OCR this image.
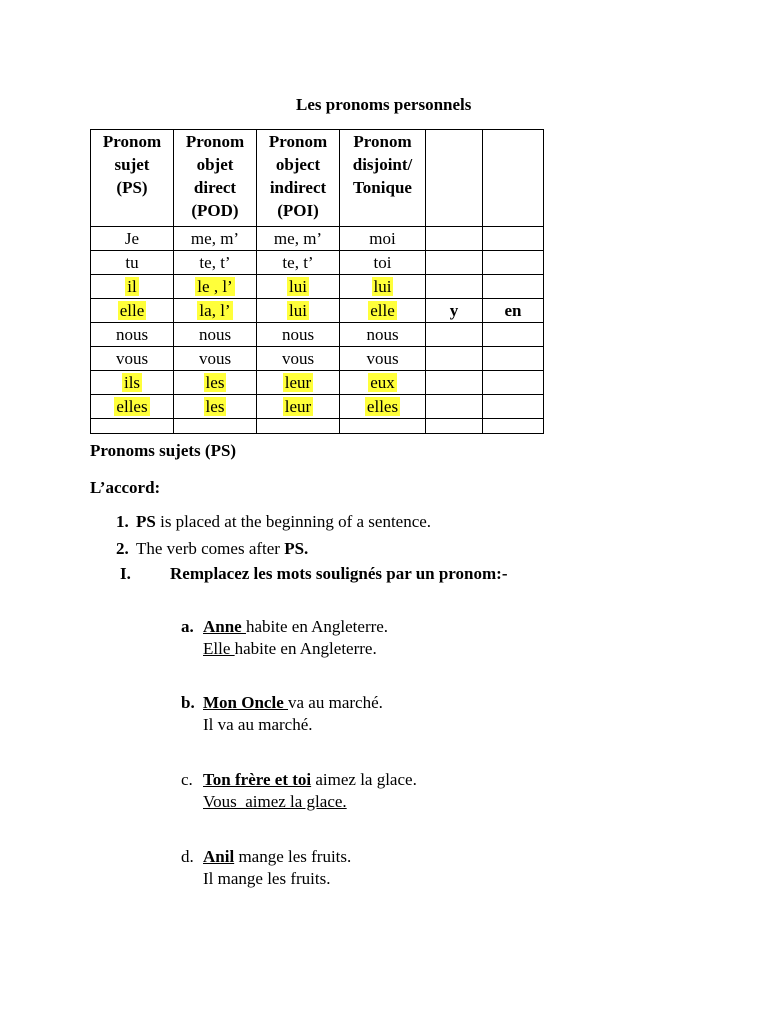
Les pronoms personnels
Pronom
sujet
(PS)	Pronom
objet
direct
(POD)	Pronom
object
indirect
(POI)	Pronom
disjoint/
Tonique		

Je	me, m’	me, m’	moi		
tu	te, t’	te, t’	toi		
il	le , l’	lui	lui		
elle	la, l’	lui	elle	y	en
nous	nous	nous	nous		
vous	vous	vous	vous		
ils	les	leur	eux		
elles	les	leur	elles		

Pronoms sujets (PS)
L’accord:
1. PS is placed at the beginning of a sentence.
2. The verb comes after PS.
I. Remplacez les mots soulignés par un pronom:-
a. Anne habite en Angleterre.
Elle habite en Angleterre.
b. Mon Oncle va au marché.
Il va au marché.
c. Ton frère et toi aimez la glace.
Vous  aimez la glace.
d. Anil mange les fruits.
Il mange les fruits.
